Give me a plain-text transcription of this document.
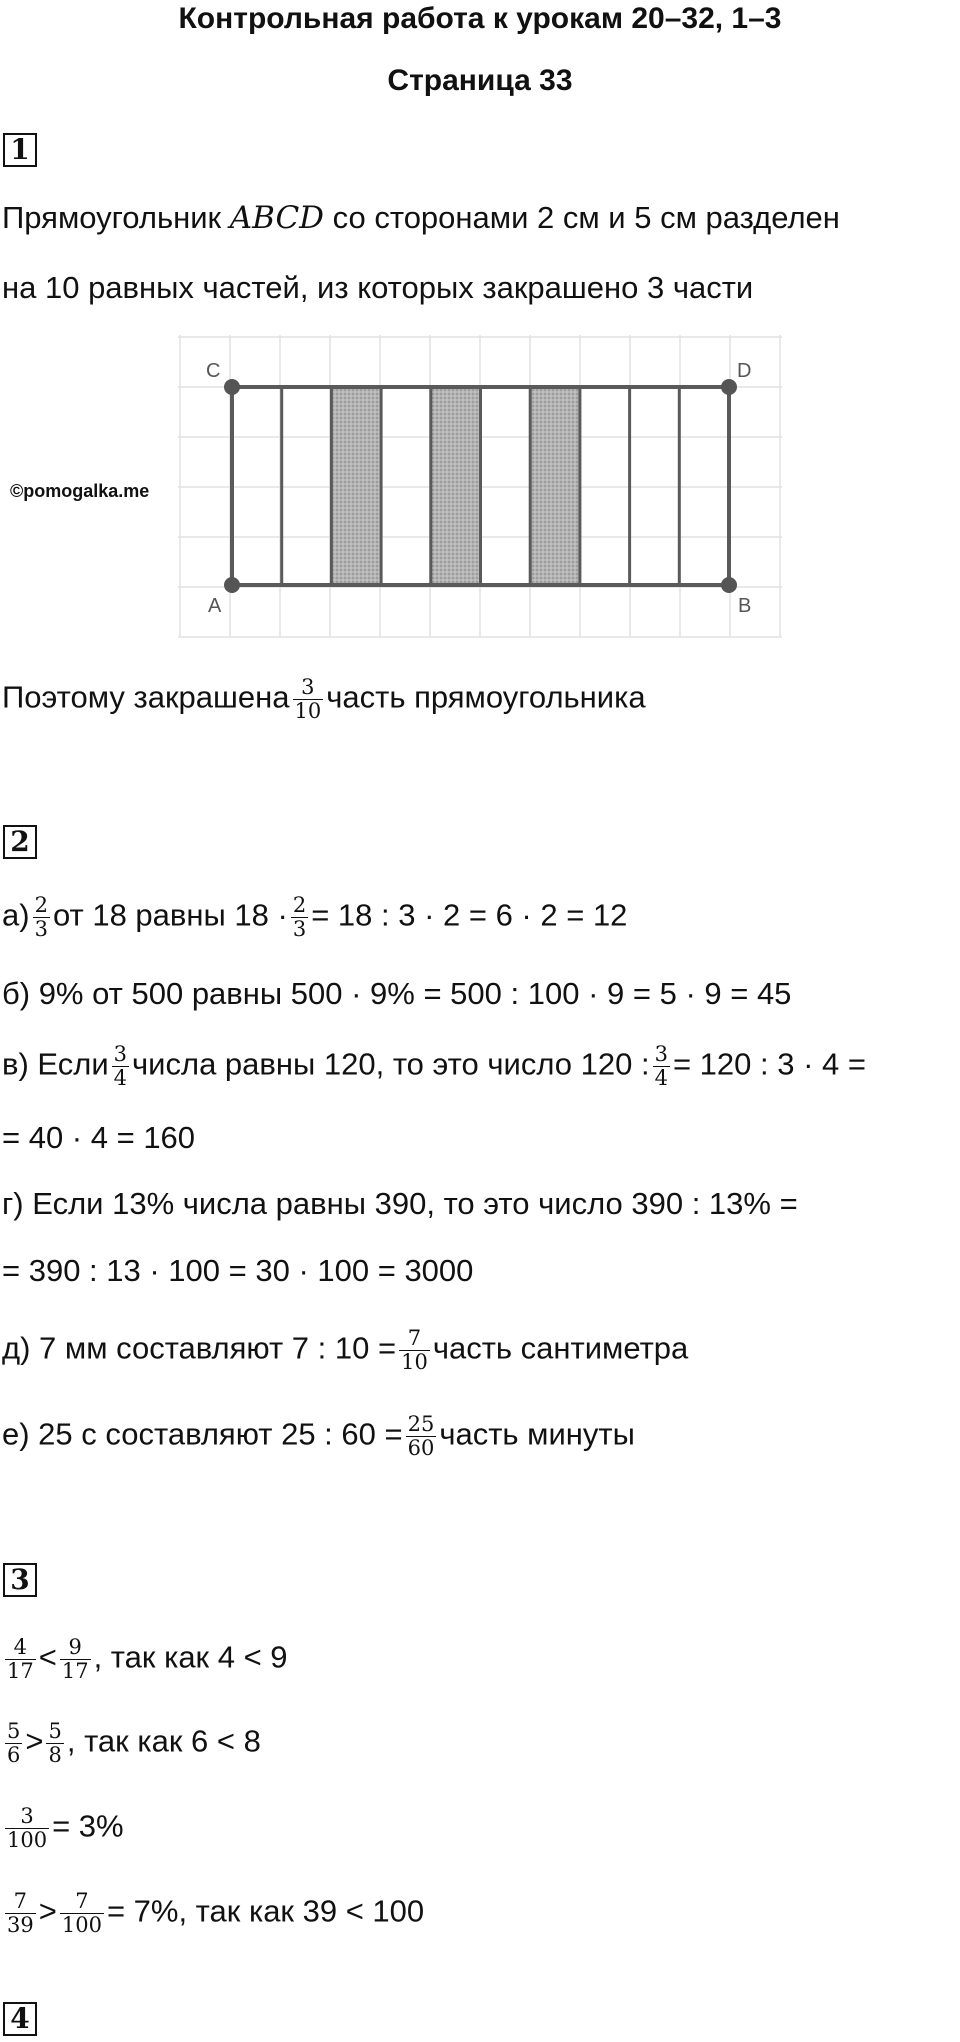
Контрольная работа к урокам 20–32, 1–3
Страница 33
1
Прямоугольник ABCD со сторонами 2 см и 5 см разделен
на 10 равных частей, из которых закрашено 3 части
C	D
A	B
©pomogalka.me
Поэтому закрашена $\frac{3}{10}$ часть прямоугольника
2
$а) \frac{2}{3}$ от 18 равны $18 \cdot \frac{2}{3} = 18$ : 3 · 2 = 6 · 2 = 12
б) 9% от 500 равны 500 · 9% = 500 : 100 · 9 = 5 · 9 = 45
в) Если $\frac{3}{4}$ числа равны 120, то это число 120 : $\frac{3}{4} = 120$ : 3 · 4 =
= 40 · 4 = 160
г) Если 13% числа равны 390, то это число 390 : 13% =
= 390 : 13 · 100 = 30 · 100 = 3000
д) 7 мм составляют 7 : $10 = \frac{7}{10}$ часть сантиметра
е) 25 с составляют 25 : $60 = \frac{25}{60}$ часть минуты
3
$\frac{4}{17} < \frac{9}{17}$ , так как 4 < 9
$\frac{5}{6} > \frac{5}{8}$ , так как 6 < 8
$\frac{3}{100} = 3\%$
$\frac{7}{39} > \frac{7}{100} = 7\%$, так как 39 < 100
4
